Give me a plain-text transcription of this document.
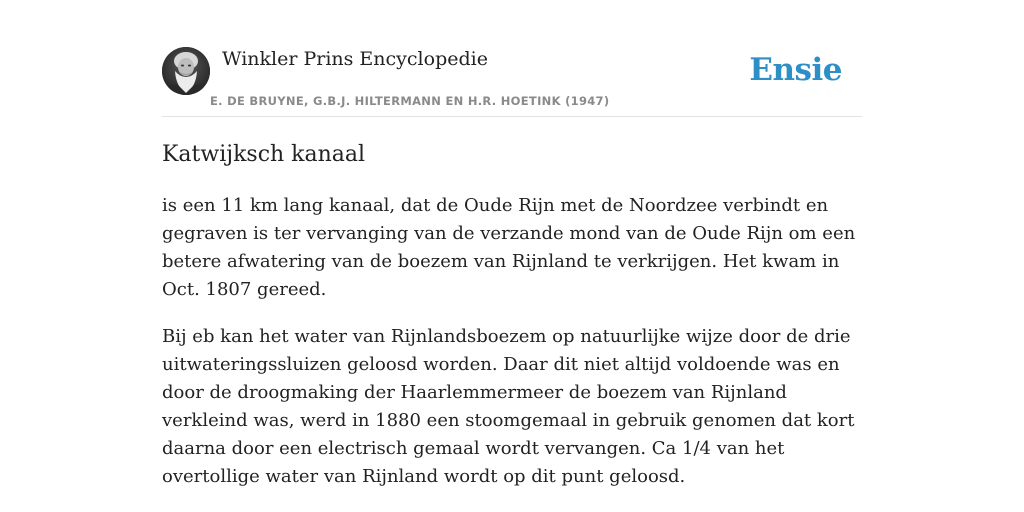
Winkler Prins Encyclopedie
E. DE BRUYNE, G.B.J. HILTERMANN EN H.R. HOETINK (1947)
Ensie
Katwijksch kanaal

is een 11 km lang kanaal, dat de Oude Rijn met de Noordzee verbindt en gegraven is ter vervanging van de verzande mond van de Oude Rijn om een betere afwatering van de boezem van Rijnland te verkrijgen. Het kwam in Oct. 1807 gereed.

Bij eb kan het water van Rijnlandsboezem op natuurlijke wijze door de drie uitwateringssluizen geloosd worden. Daar dit niet altijd voldoende was en door de droogmaking der Haarlemmermeer de boezem van Rijnland verkleind was, werd in 1880 een stoomgemaal in gebruik genomen dat kort daarna door een electrisch gemaal wordt vervangen. Ca 1/4 van het overtollige water van Rijnland wordt op dit punt geloosd.
